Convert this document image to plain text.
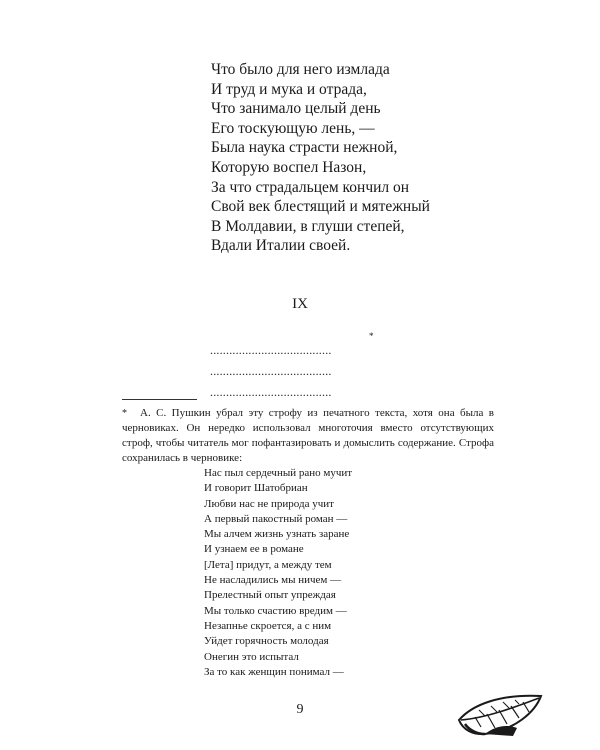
Что было для него измлада
И труд и мука и отрада,
Что занимало целый день
Его тоскующую лень, —
Была наука страсти нежной,
Которую воспел Назон,
За что страдальцем кончил он
Свой век блестящий и мятежный
В Молдавии, в глуши степей,
Вдали Италии своей.
IX
......................................
......................................
......................................
*
*	А. С. Пушкин убрал эту строфу из печатного текста, хотя она была в черновиках. Он нередко использовал многоточия вместо отсутствующих строф, чтобы читатель мог пофантазировать и домыслить содержание. Строфа сохранилась в черновике:
Нас пыл сердечный рано мучит
И говорит Шатобриан
Любви нас не природа учит
А первый пакостный роман —
Мы алчем жизнь узнать заране
И узнаем ее в романе
[Лета] придут, а между тем
Не насладились мы ничем —
Прелестный опыт упреждая
Мы только счастию вредим —
Незапнье скроется, а с ним
Уйдет горячность молодая
Онегин это испытал
За то как женщин понимал —
9
